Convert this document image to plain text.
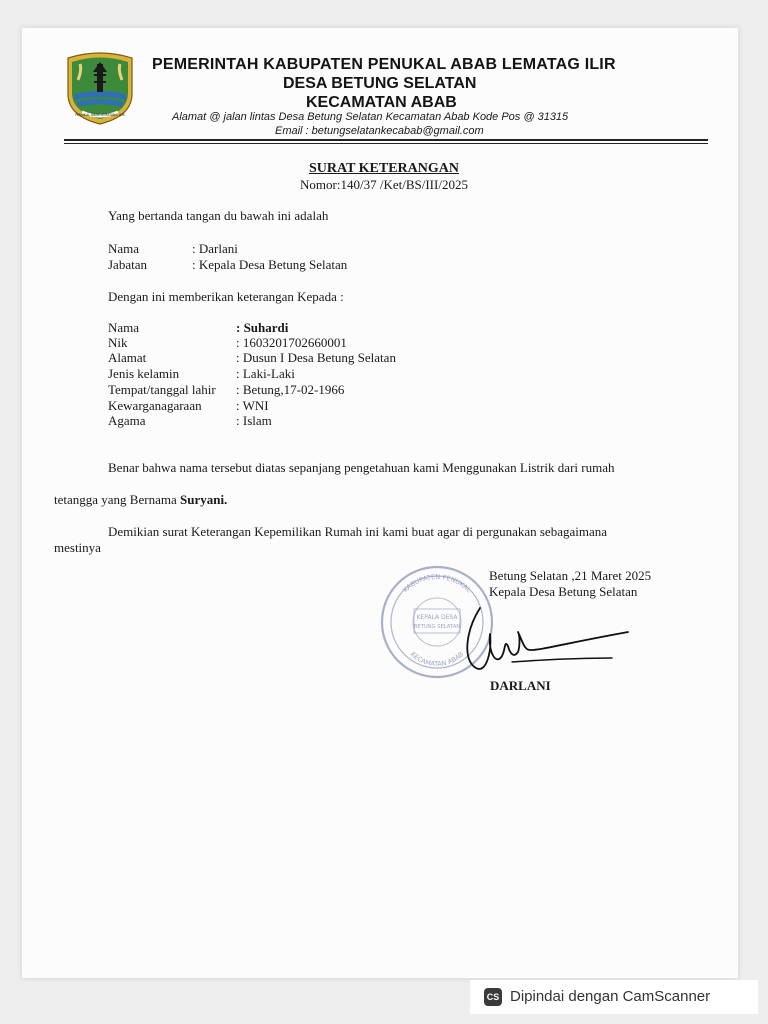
PENUKAL ABAB LEMATANG ILIR
PEMERINTAH KABUPATEN PENUKAL ABAB LEMATAG ILIR
DESA BETUNG SELATAN
KECAMATAN ABAB
Alamat @ jalan lintas Desa Betung Selatan Kecamatan Abab Kode Pos @ 31315
Email : betungselatankecabab@gmail.com
SURAT KETERANGAN
Nomor:140/37 /Ket/BS/III/2025
Yang bertanda tangan du bawah ini adalah
Nama	: Darlani
Jabatan	: Kepala Desa Betung Selatan
Dengan ini memberikan keterangan Kepada :
Nama	: Suhardi
Nik	: 1603201702660001
Alamat	: Dusun I Desa Betung Selatan
Jenis kelamin	: Laki-Laki
Tempat/tanggal lahir : Betung,17-02-1966
Kewarganagaraan	: WNI
Agama	: Islam
Benar bahwa nama tersebut diatas sepanjang pengetahuan kami Menggunakan Listrik dari rumah
tetangga yang Bernama Suryani.
Demikian surat Keterangan Kepemilikan Rumah ini kami buat agar di pergunakan sebagaimana
mestinya
KABUPATEN PENUKAL
KECAMATAN ABAB
KEPALA DESA
BETUNG SELATAN
Betung Selatan ,21 Maret 2025
Kepala Desa Betung Selatan
DARLANI
CS Dipindai dengan CamScanner
